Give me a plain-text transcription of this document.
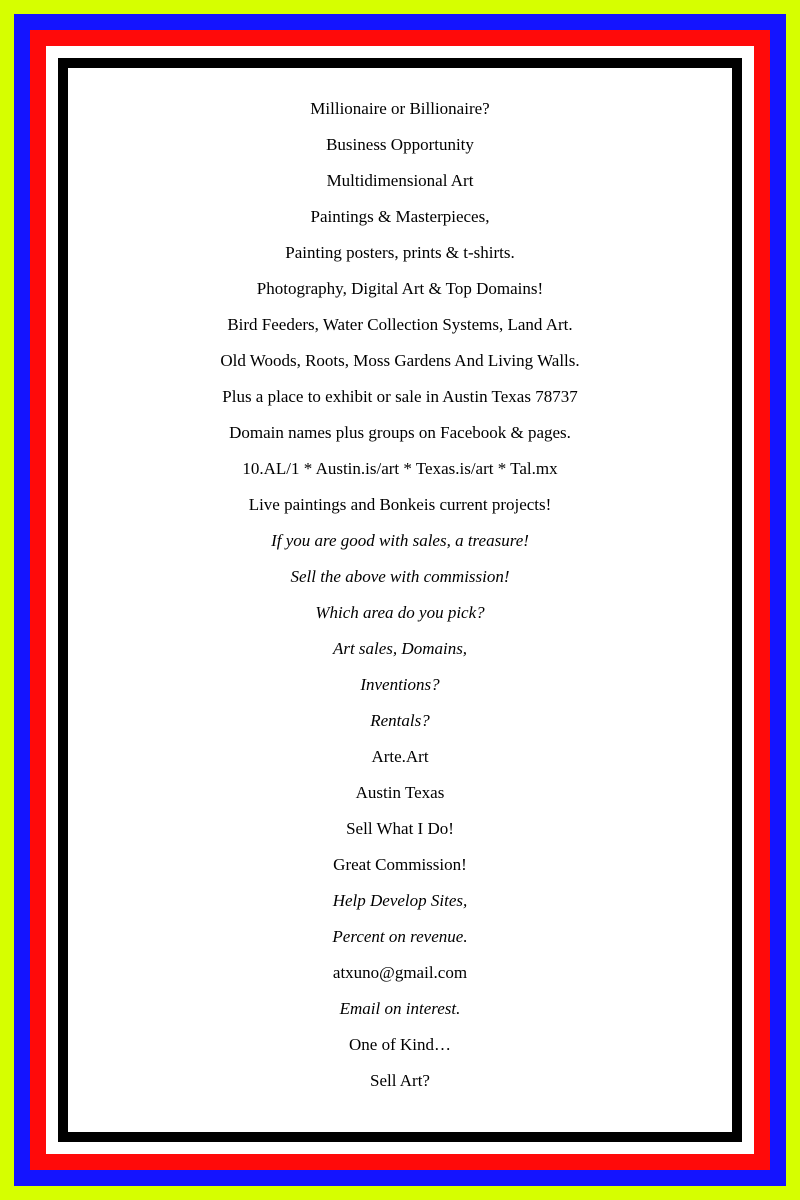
Millionaire or Billionaire?
Business Opportunity
Multidimensional Art
Paintings & Masterpieces,
Painting posters, prints & t-shirts.
Photography, Digital Art & Top Domains!
Bird Feeders, Water Collection Systems, Land Art.
Old Woods, Roots, Moss Gardens And Living Walls.
Plus a place to exhibit or sale in Austin Texas 78737
Domain names plus groups on Facebook & pages.
10.AL/1 * Austin.is/art * Texas.is/art * Tal.mx
Live paintings and Bonkeis current projects!
If you are good with sales, a treasure!
Sell the above with commission!
Which area do you pick?
Art sales, Domains,
Inventions?
Rentals?
Arte.Art
Austin Texas
Sell What I Do!
Great Commission!
Help Develop Sites,
Percent on revenue.
atxuno@gmail.com
Email on interest.
One of Kind…
Sell Art?
